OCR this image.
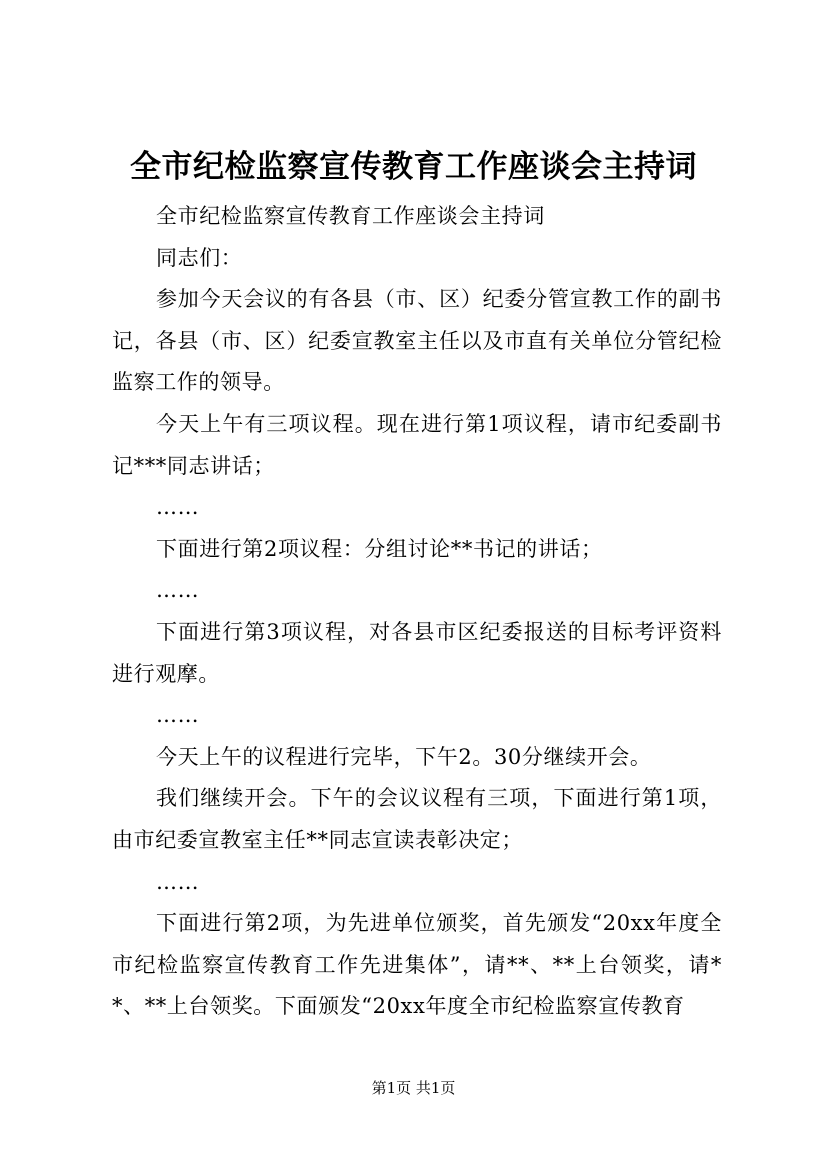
全市纪检监察宣传教育工作座谈会主持词

全市纪检监察宣传教育工作座谈会主持词

同志们：

参加今天会议的有各县（市、区）纪委分管宣教工作的副书记，各县（市、区）纪委宣教室主任以及市直有关单位分管纪检监察工作的领导。

今天上午有三项议程。现在进行第1项议程，请市纪委副书记***同志讲话；

……

下面进行第2项议程：分组讨论**书记的讲话；

……

下面进行第3项议程，对各县市区纪委报送的目标考评资料进行观摩。

……

今天上午的议程进行完毕，下午2。30分继续开会。

我们继续开会。下午的会议议程有三项，下面进行第1项，由市纪委宣教室主任**同志宣读表彰决定；

……

下面进行第2项，为先进单位颁奖，首先颁发“20xx年度全市纪检监察宣传教育工作先进集体”，请**、**上台领奖，请**、**上台领奖。下面颁发“20xx年度全市纪检监察宣传教育

第1页 共1页
